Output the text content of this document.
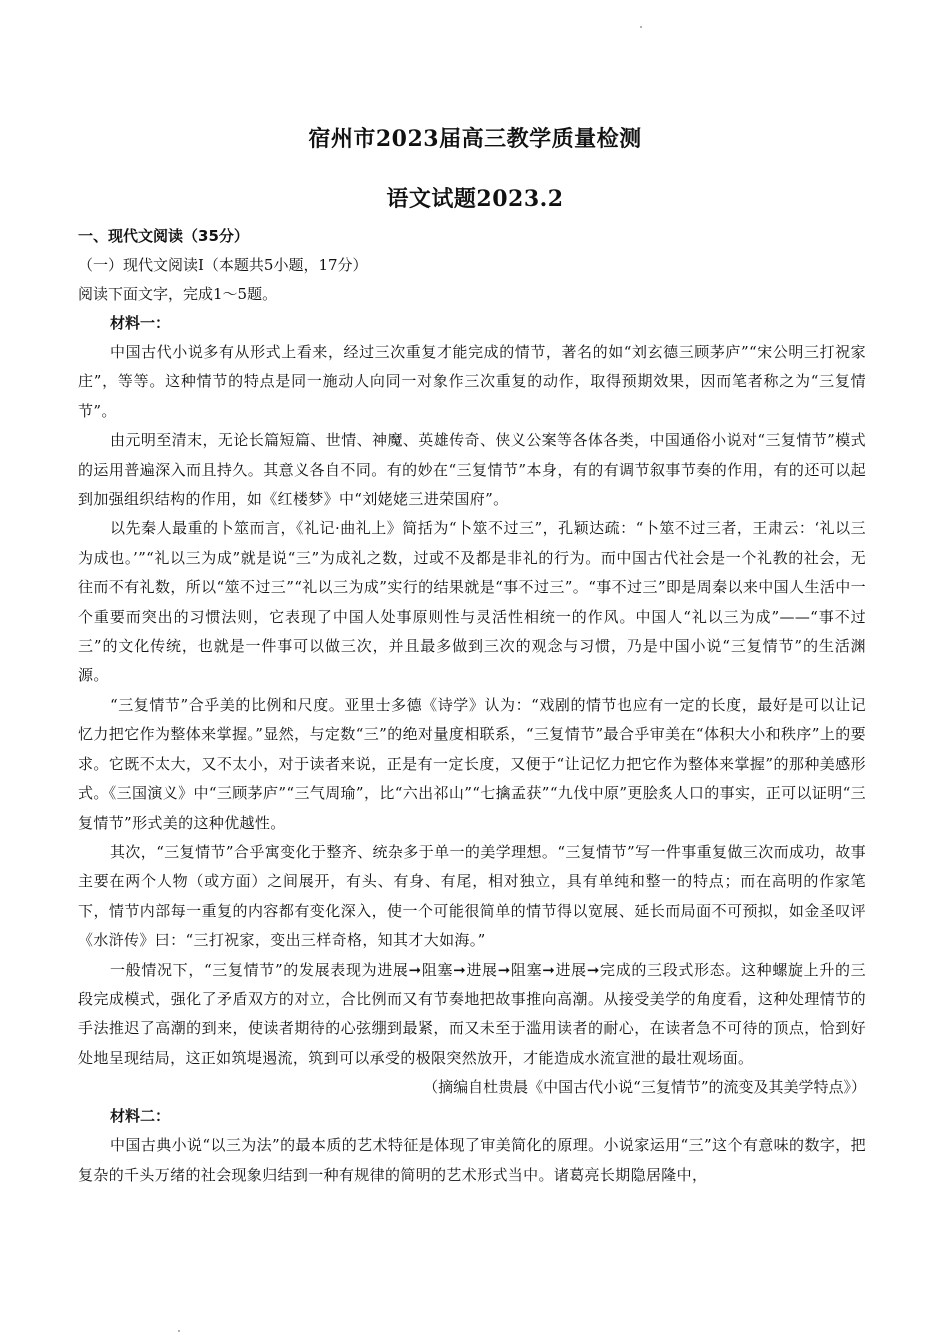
宿州市2023届高三教学质量检测
语文试题2023.2
一、现代文阅读（35分）
（一）现代文阅读Ⅰ（本题共5小题，17分）
阅读下面文字，完成1～5题。
材料一：

中国古代小说多有从形式上看来，经过三次重复才能完成的情节，著名的如“刘玄德三顾茅庐”“宋公明三打祝家庄”，等等。这种情节的特点是同一施动人向同一对象作三次重复的动作，取得预期效果，因而笔者称之为“三复情节”。

由元明至清末，无论长篇短篇、世情、神魔、英雄传奇、侠义公案等各体各类，中国通俗小说对“三复情节”模式的运用普遍深入而且持久。其意义各自不同。有的妙在“三复情节”本身，有的有调节叙事节奏的作用，有的还可以起到加强组织结构的作用，如《红楼梦》中“刘姥姥三进荣国府”。

以先秦人最重的卜筮而言，《礼记·曲礼上》简括为“卜筮不过三”，孔颖达疏：“卜筮不过三者，王肃云：‘礼以三为成也。’”“礼以三为成”就是说“三”为成礼之数，过或不及都是非礼的行为。而中国古代社会是一个礼教的社会，无往而不有礼数，所以“筮不过三”“礼以三为成”实行的结果就是“事不过三”。“事不过三”即是周秦以来中国人生活中一个重要而突出的习惯法则，它表现了中国人处事原则性与灵活性相统一的作风。中国人“礼以三为成”——“事不过三”的文化传统，也就是一件事可以做三次，并且最多做到三次的观念与习惯，乃是中国小说“三复情节”的生活渊源。

“三复情节”合乎美的比例和尺度。亚里士多德《诗学》认为：“戏剧的情节也应有一定的长度，最好是可以让记忆力把它作为整体来掌握。”显然，与定数“三”的绝对量度相联系，“三复情节”最合乎审美在“体积大小和秩序”上的要求。它既不太大，又不太小，对于读者来说，正是有一定长度，又便于“让记忆力把它作为整体来掌握”的那种美感形式。《三国演义》中“三顾茅庐”“三气周瑜”，比“六出祁山”“七擒孟获”“九伐中原”更脍炙人口的事实，正可以证明“三复情节”形式美的这种优越性。

其次，“三复情节”合乎寓变化于整齐、统杂多于单一的美学理想。“三复情节”写一件事重复做三次而成功，故事主要在两个人物（或方面）之间展开，有头、有身、有尾，相对独立，具有单纯和整一的特点；而在高明的作家笔下，情节内部每一重复的内容都有变化深入，使一个可能很简单的情节得以宽展、延长而局面不可预拟，如金圣叹评《水浒传》曰：“三打祝家，变出三样奇格，知其才大如海。”

一般情况下，“三复情节”的发展表现为进展➞阻塞➞进展➞阻塞➞进展➞完成的三段式形态。这种螺旋上升的三段完成模式，强化了矛盾双方的对立，合比例而又有节奏地把故事推向高潮。从接受美学的角度看，这种处理情节的手法推迟了高潮的到来，使读者期待的心弦绷到最紧，而又未至于滥用读者的耐心，在读者急不可待的顶点，恰到好处地呈现结局，这正如筑堤遏流，筑到可以承受的极限突然放开，才能造成水流宣泄的最壮观场面。

（摘编自杜贵晨《中国古代小说“三复情节”的流变及其美学特点》）

材料二：

中国古典小说“以三为法”的最本质的艺术特征是体现了审美简化的原理。小说家运用“三”这个有意味的数字，把复杂的千头万绪的社会现象归结到一种有规律的简明的艺术形式当中。诸葛亮长期隐居隆中，
